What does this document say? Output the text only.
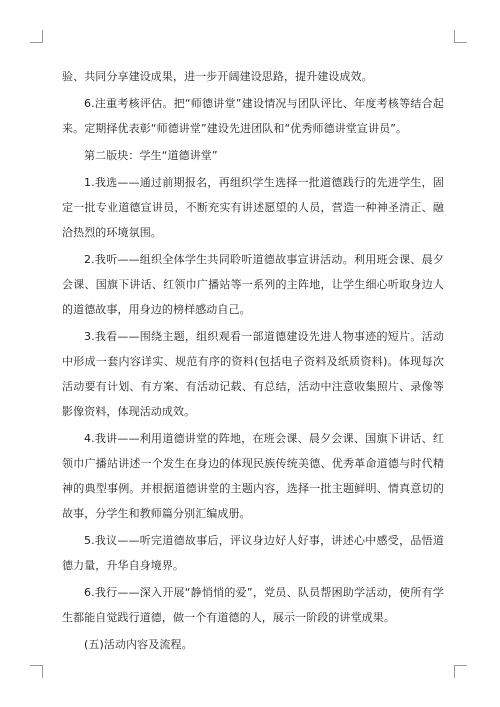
验、共同分享建设成果，进一步开阔建设思路，提升建设成效。

6.注重考核评估。把“师德讲堂”建设情况与团队评比、年度考核等结合起来。定期择优表彰“师德讲堂”建设先进团队和“优秀师德讲堂宣讲员”。

第二版块：学生“道德讲堂”

1.我选——通过前期报名，再组织学生选择一批道德践行的先进学生，固定一批专业道德宣讲员，不断充实有讲述愿望的人员，营造一种神圣清正、融洽热烈的环境氛围。

2.我听——组织全体学生共同聆听道德故事宣讲活动。利用班会课、晨夕会课、国旗下讲话、红领巾广播站等一系列的主阵地，让学生细心听取身边人的道德故事，用身边的榜样感动自己。

3.我看——围绕主题，组织观看一部道德建设先进人物事迹的短片。活动中形成一套内容详实、规范有序的资料(包括电子资料及纸质资料)。体现每次活动要有计划、有方案、有活动记载、有总结，活动中注意收集照片、录像等影像资料，体现活动成效。

4.我讲——利用道德讲堂的阵地，在班会课、晨夕会课、国旗下讲话、红领巾广播站讲述一个发生在身边的体现民族传统美德、优秀革命道德与时代精神的典型事例。并根据道德讲堂的主题内容，选择一批主题鲜明、情真意切的故事，分学生和教师篇分别汇编成册。

5.我议——听完道德故事后，评议身边好人好事，讲述心中感受，品悟道德力量，升华自身境界。

6.我行——深入开展“静悄悄的爱”，党员、队员帮困助学活动，使所有学生都能自觉践行道德，做一个有道德的人，展示一阶段的讲堂成果。

(五)活动内容及流程。
